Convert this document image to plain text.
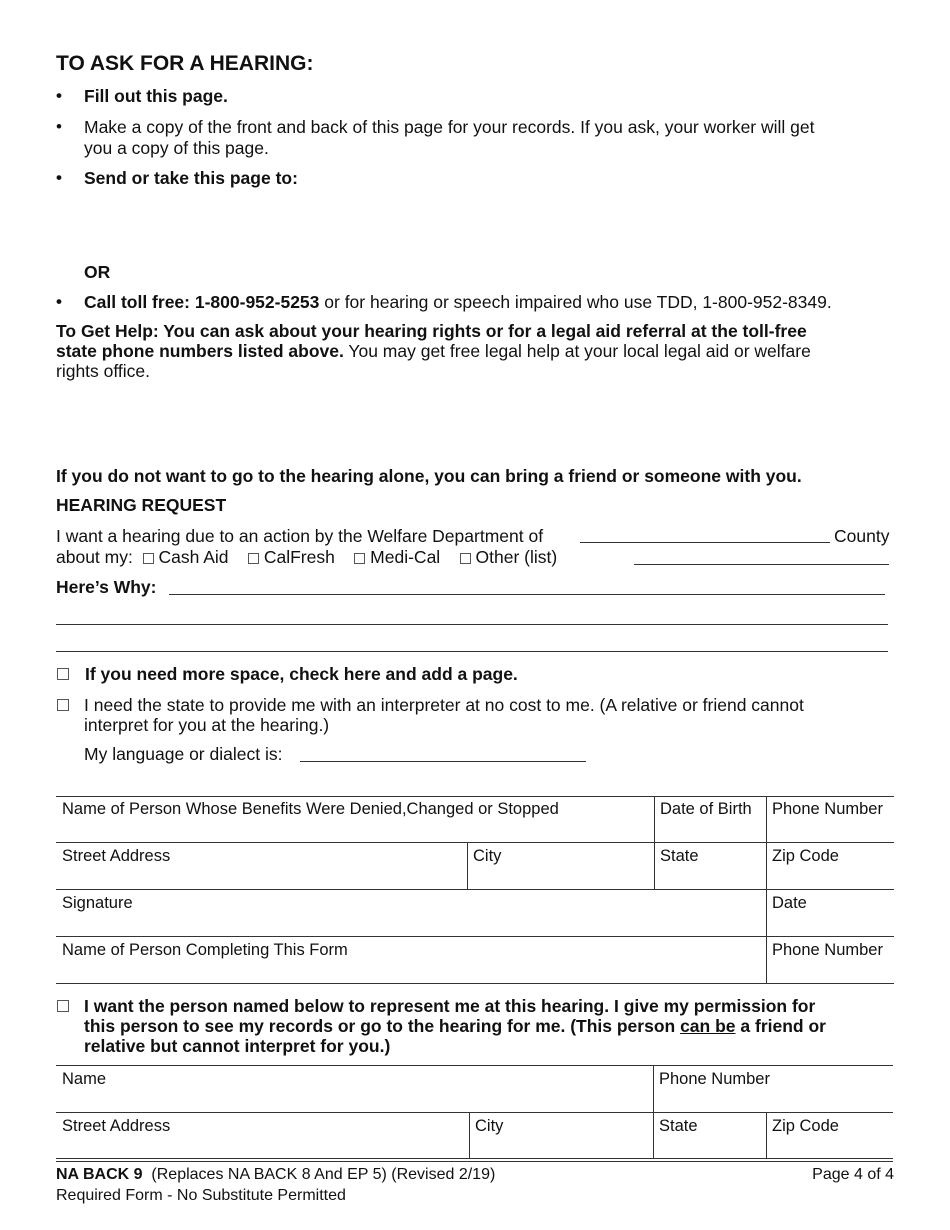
TO ASK FOR A HEARING:
• Fill out this page.
• Make a copy of the front and back of this page for your records. If you ask, your worker will get
you a copy of this page.
• Send or take this page to:
OR
• Call toll free: 1-800-952-5253 or for hearing or speech impaired who use TDD, 1-800-952-8349.
To Get Help: You can ask about your hearing rights or for a legal aid referral at the toll-free
state phone numbers listed above. You may get free legal help at your local legal aid or welfare
rights office.
If you do not want to go to the hearing alone, you can bring a friend or someone with you.
HEARING REQUEST
I want a hearing due to an action by the Welfare Department of	County
about my: Cash Aid CalFresh Medi-Cal Other (list)
Here’s Why:
If you need more space, check here and add a page.
I need the state to provide me with an interpreter at no cost to me. (A relative or friend cannot
interpret for you at the hearing.)
My language or dialect is:
Name of Person Whose Benefits Were Denied,Changed or Stopped	Date of Birth Phone Number
Street Address	City	State	Zip Code
Signature	Date
Name of Person Completing This Form	Phone Number
I want the person named below to represent me at this hearing. I give my permission for
this person to see my records or go to the hearing for me. (This person can be a friend or
relative but cannot interpret for you.)
Name	Phone Number
Street Address	City	State	Zip Code
NA BACK 9 (Replaces NA BACK 8 And EP 5) (Revised 2/19)	Page 4 of 4
Required Form - No Substitute Permitted
